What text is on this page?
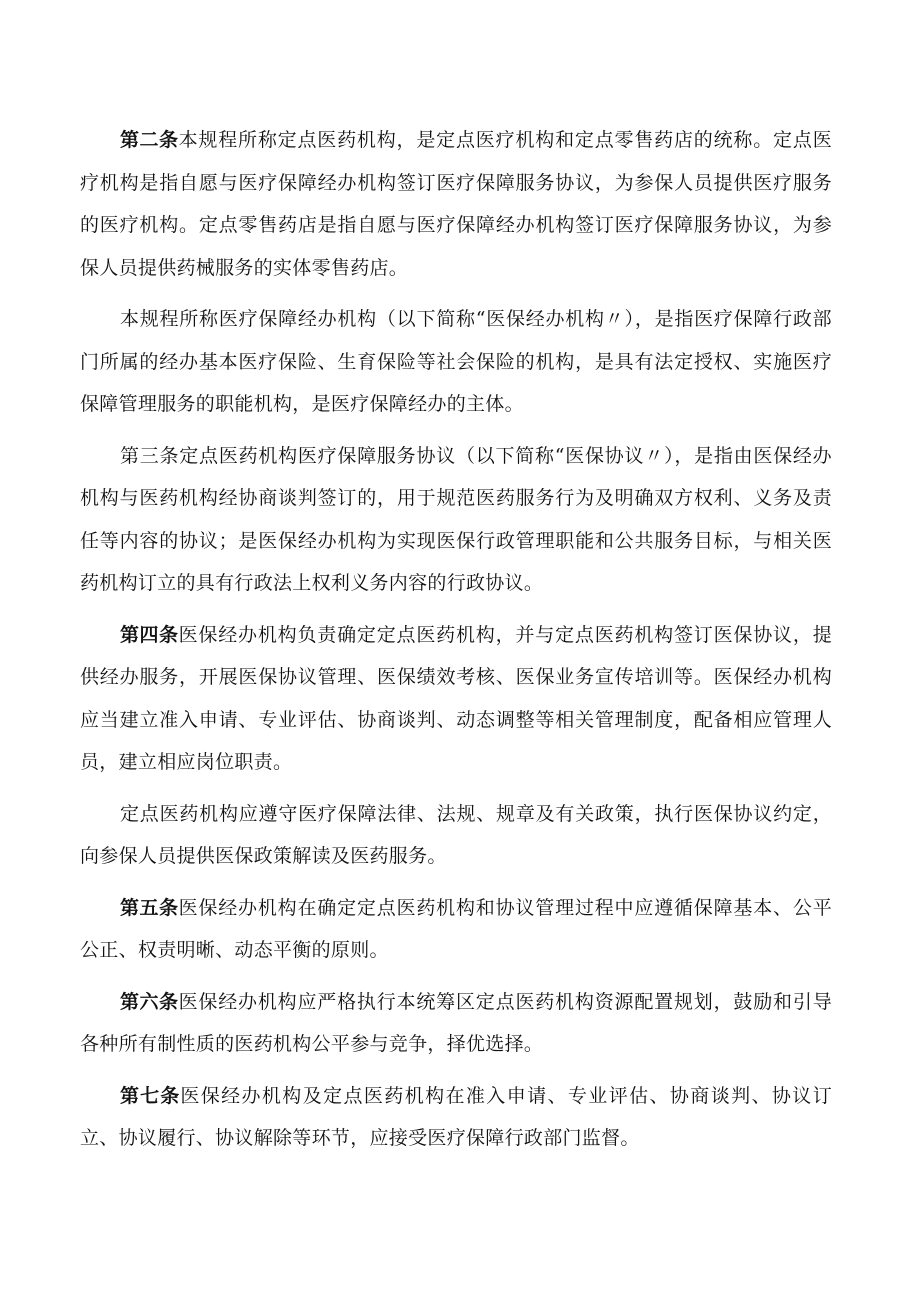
第二条本规程所称定点医药机构，是定点医疗机构和定点零售药店的统称。定点医疗机构是指自愿与医疗保障经办机构签订医疗保障服务协议，为参保人员提供医疗服务的医疗机构。定点零售药店是指自愿与医疗保障经办机构签订医疗保障服务协议，为参保人员提供药械服务的实体零售药店。

本规程所称医疗保障经办机构（以下简称“医保经办机构〃），是指医疗保障行政部门所属的经办基本医疗保险、生育保险等社会保险的机构，是具有法定授权、实施医疗保障管理服务的职能机构，是医疗保障经办的主体。

第三条定点医药机构医疗保障服务协议（以下简称“医保协议〃），是指由医保经办机构与医药机构经协商谈判签订的，用于规范医药服务行为及明确双方权利、义务及责任等内容的协议；是医保经办机构为实现医保行政管理职能和公共服务目标，与相关医药机构订立的具有行政法上权利义务内容的行政协议。

第四条医保经办机构负责确定定点医药机构，并与定点医药机构签订医保协议，提供经办服务，开展医保协议管理、医保绩效考核、医保业务宣传培训等。医保经办机构应当建立准入申请、专业评估、协商谈判、动态调整等相关管理制度，配备相应管理人员，建立相应岗位职责。

定点医药机构应遵守医疗保障法律、法规、规章及有关政策，执行医保协议约定，向参保人员提供医保政策解读及医药服务。

第五条医保经办机构在确定定点医药机构和协议管理过程中应遵循保障基本、公平公正、权责明晰、动态平衡的原则。

第六条医保经办机构应严格执行本统筹区定点医药机构资源配置规划，鼓励和引导各种所有制性质的医药机构公平参与竞争，择优选择。

第七条医保经办机构及定点医药机构在准入申请、专业评估、协商谈判、协议订立、协议履行、协议解除等环节，应接受医疗保障行政部门监督。
